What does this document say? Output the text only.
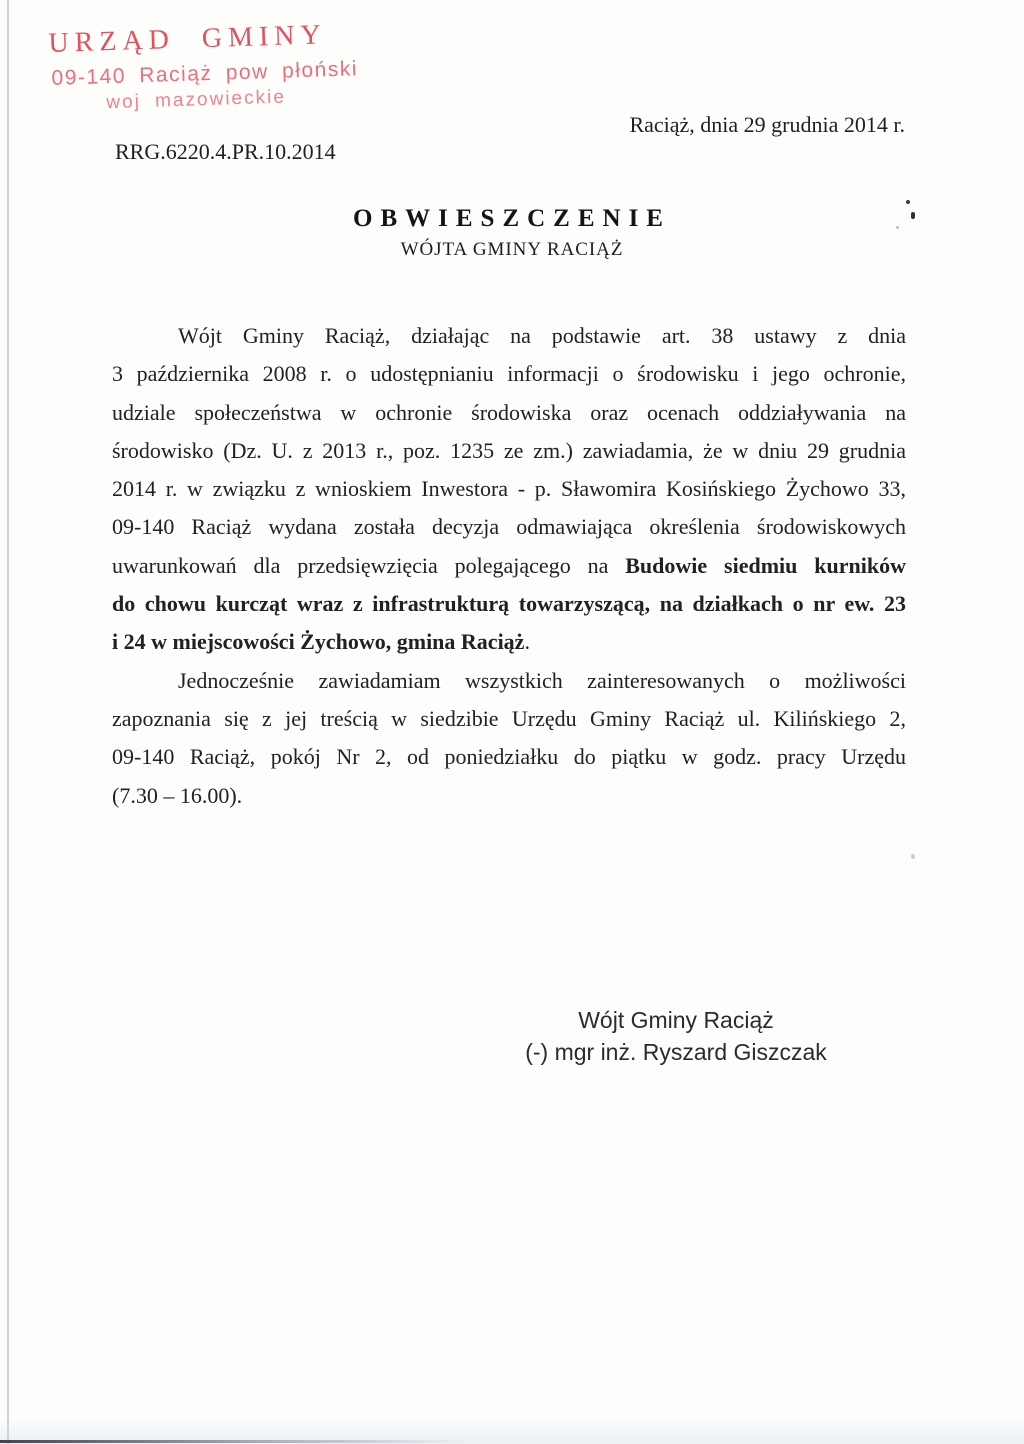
URZĄD GMINY
09-140 Raciąż pow płoński
woj mazowieckie
Raciąż, dnia 29 grudnia 2014 r.
RRG.6220.4.PR.10.2014
OBWIESZCZENIE
WÓJTA GMINY RACIĄŻ
Wójt Gminy Raciąż, działając na podstawie art. 38 ustawy z dnia
3 października 2008 r. o udostępnianiu informacji o środowisku i jego ochronie,
udziale społeczeństwa w ochronie środowiska oraz ocenach oddziaływania na
środowisko (Dz. U. z 2013 r., poz. 1235 ze zm.) zawiadamia, że w dniu 29 grudnia
2014 r. w związku z wnioskiem Inwestora - p. Sławomira Kosińskiego Żychowo 33,
09-140 Raciąż wydana została decyzja odmawiająca określenia środowiskowych
uwarunkowań dla przedsięwzięcia polegającego na Budowie siedmiu kurników
do chowu kurcząt wraz z infrastrukturą towarzyszącą, na działkach o nr ew. 23
i 24 w miejscowości Żychowo, gmina Raciąż.
Jednocześnie zawiadamiam wszystkich zainteresowanych o możliwości
zapoznania się z jej treścią w siedzibie Urzędu Gminy Raciąż ul. Kilińskiego 2,
09-140 Raciąż, pokój Nr 2, od poniedziałku do piątku w godz. pracy Urzędu
(7.30 – 16.00).
Wójt Gminy Raciąż
(-) mgr inż. Ryszard Giszczak
